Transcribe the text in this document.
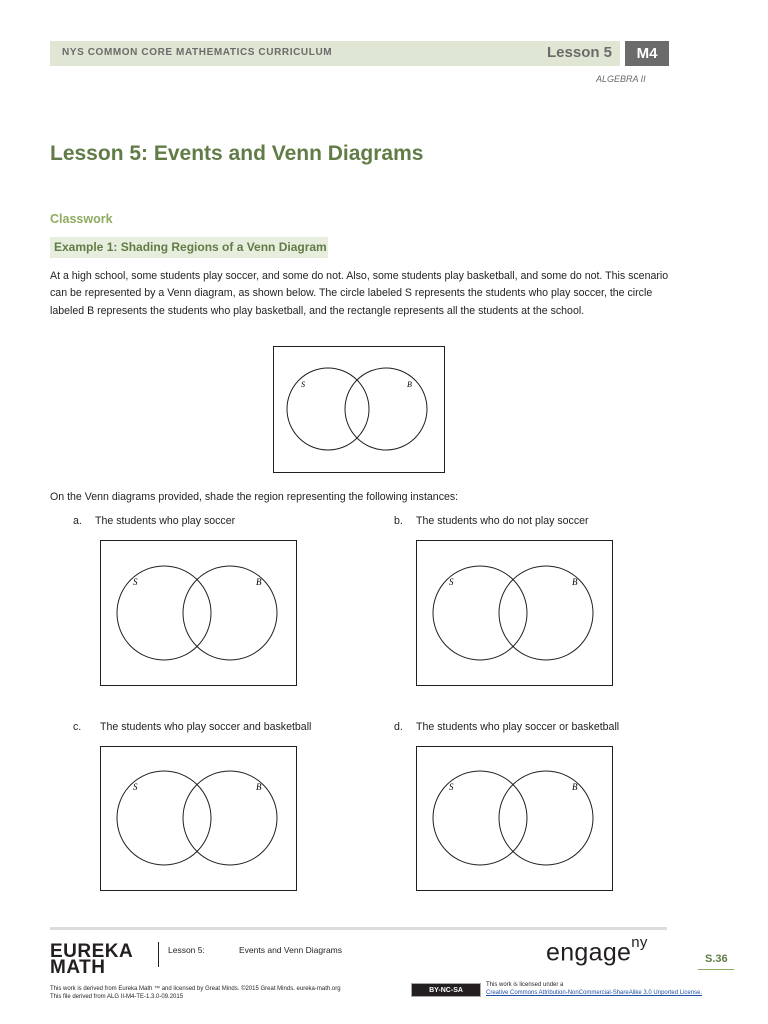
NYS COMMON CORE MATHEMATICS CURRICULUM	Lesson 5	M4
ALGEBRA II
Lesson 5: Events and Venn Diagrams
Classwork
Example 1: Shading Regions of a Venn Diagram
At a high school, some students play soccer, and some do not. Also, some students play basketball, and some do not. This scenario can be represented by a Venn diagram, as shown below. The circle labeled S represents the students who play soccer, the circle labeled B represents the students who play basketball, and the rectangle represents all the students at the school.
S	B
On the Venn diagrams provided, shade the region representing the following instances:
a. The students who play soccer	b. The students who do not play soccer
c. The students who play soccer and basketball	d. The students who play soccer or basketball
S	B	S	B
S	B	S	B
EUREKA
MATH
Lesson 5:	Events and Venn Diagrams	engage$^{ny}$
S.36
This work is derived from Eureka Math ™ and licensed by Great Minds. ©2015 Great Minds. eureka-math.org
This file derived from ALG II-M4-TE-1.3.0-09.2015
BY-NC-SA
This work is licensed under a
Creative Commons Attribution-NonCommercial-ShareAlike 3.0 Unported License.
